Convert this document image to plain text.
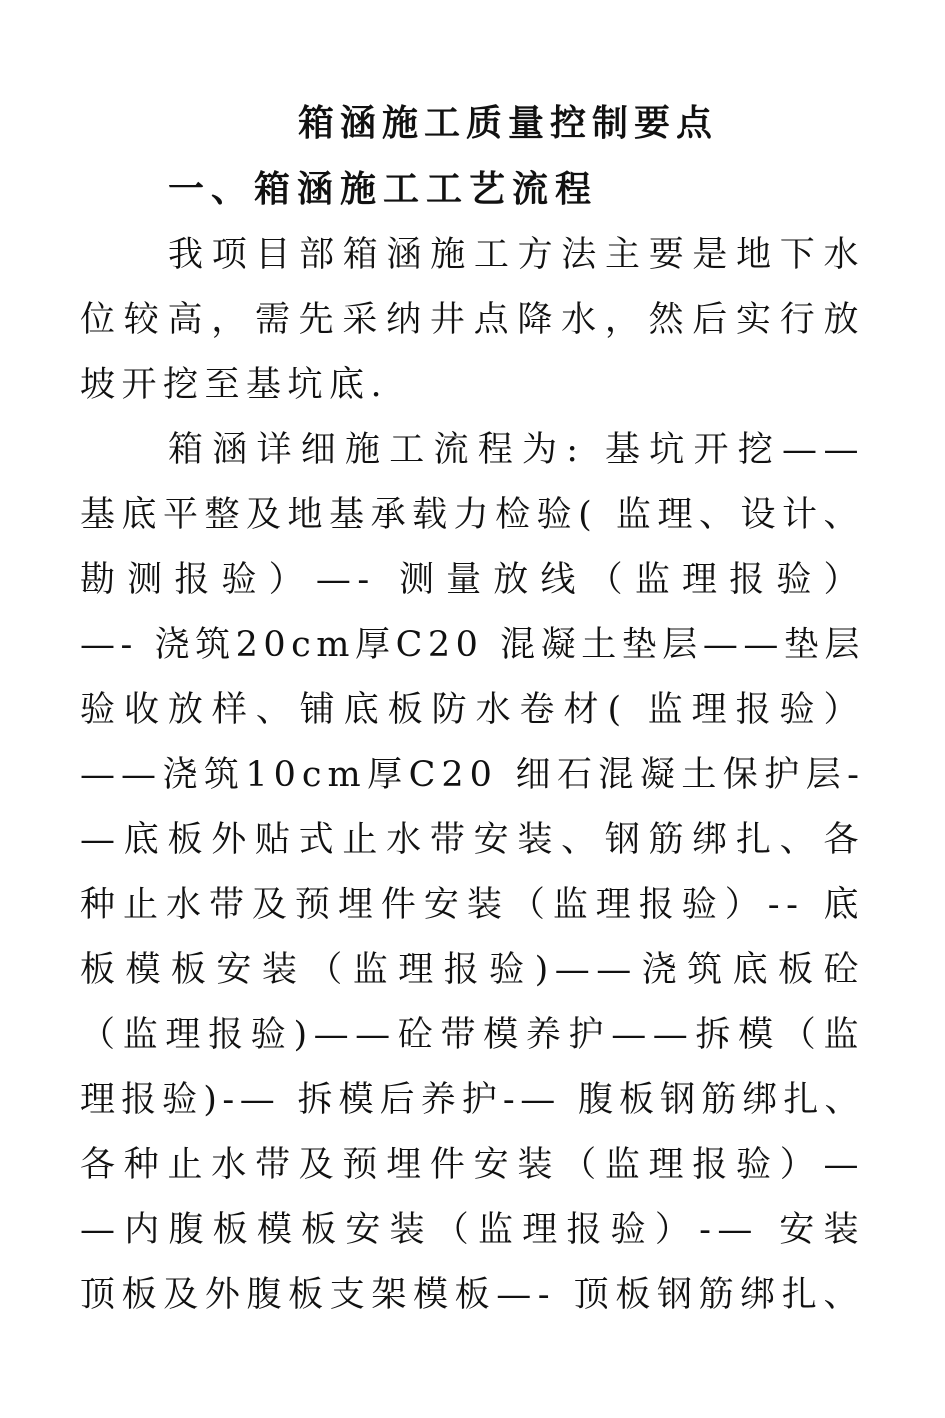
箱涵施工质量控制要点
一、箱涵施工工艺流程
我项目部箱涵施工方法主要是地下水
位较高，需先采纳井点降水，然后实行放
坡开挖至基坑底.
箱涵详细施工流程为: 基坑开挖——
基底平整及地基承载力检验( 监理、设计、
勘测报验）—- 测量放线（监理报验）
—- 浇筑20cm厚C20 混凝土垫层——垫层
验收放样、铺底板防水卷材( 监理报验）
——浇筑10cm厚C20 细石混凝土保护层-
—底板外贴式止水带安装、钢筋绑扎、各
种止水带及预埋件安装（监理报验）-- 底
板模板安装（监理报验)——浇筑底板砼
（监理报验)——砼带模养护——拆模（监
理报验)-— 拆模后养护-— 腹板钢筋绑扎、
各种止水带及预埋件安装（监理报验）—
—内腹板模板安装（监理报验）-— 安装
顶板及外腹板支架模板—- 顶板钢筋绑扎、
